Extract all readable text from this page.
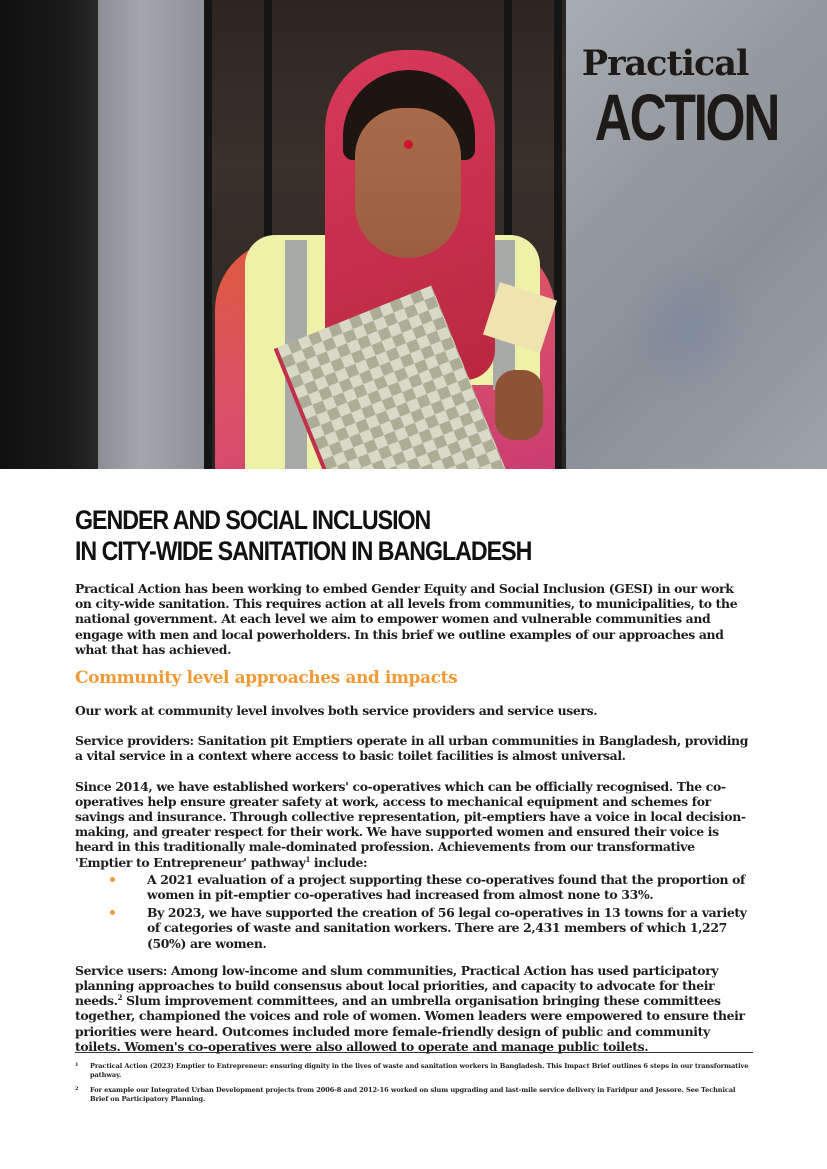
Practical
ACTION
GENDER AND SOCIAL INCLUSION
IN CITY-WIDE SANITATION IN BANGLADESH

Practical Action has been working to embed Gender Equity and Social Inclusion (GESI) in our work on city-wide sanitation. This requires action at all levels from communities, to municipalities, to the national government. At each level we aim to empower women and vulnerable communities and engage with men and local powerholders. In this brief we outline examples of our approaches and what that has achieved.

Community level approaches and impacts

Our work at community level involves both service providers and service users.

Service providers: Sanitation pit Emptiers operate in all urban communities in Bangladesh, providing a vital service in a context where access to basic toilet facilities is almost universal.

Since 2014, we have established workers' co-operatives which can be officially recognised. The co-operatives help ensure greater safety at work, access to mechanical equipment and schemes for savings and insurance. Through collective representation, pit-emptiers have a voice in local decision-making, and greater respect for their work. We have supported women and ensured their voice is heard in this traditionally male-dominated profession. Achievements from our transformative 'Emptier to Entrepreneur' pathway$^1$ include:

A 2021 evaluation of a project supporting these co-operatives found that the proportion of women in pit-emptier co-operatives had increased from almost none to 33%.
By 2023, we have supported the creation of 56 legal co-operatives in 13 towns for a variety of categories of waste and sanitation workers. There are 2,431 members of which 1,227 (50%) are women.

Service users: Among low-income and slum communities, Practical Action has used participatory planning approaches to build consensus about local priorities, and capacity to advocate for their needs.$^2$ Slum improvement committees, and an umbrella organisation bringing these committees together, championed the voices and role of women. Women leaders were empowered to ensure their priorities were heard. Outcomes included more female-friendly design of public and community toilets. Women's co-operatives were also allowed to operate and manage public toilets.

1 Practical Action (2023) Emptier to Entrepreneur: ensuring dignity in the lives of waste and sanitation workers in Bangladesh. This Impact Brief outlines 6 steps in our transformative pathway.
2 For example our Integrated Urban Development projects from 2006-8 and 2012-16 worked on slum upgrading and last-mile service delivery in Faridpur and Jessore. See Technical Brief on Participatory Planning.
